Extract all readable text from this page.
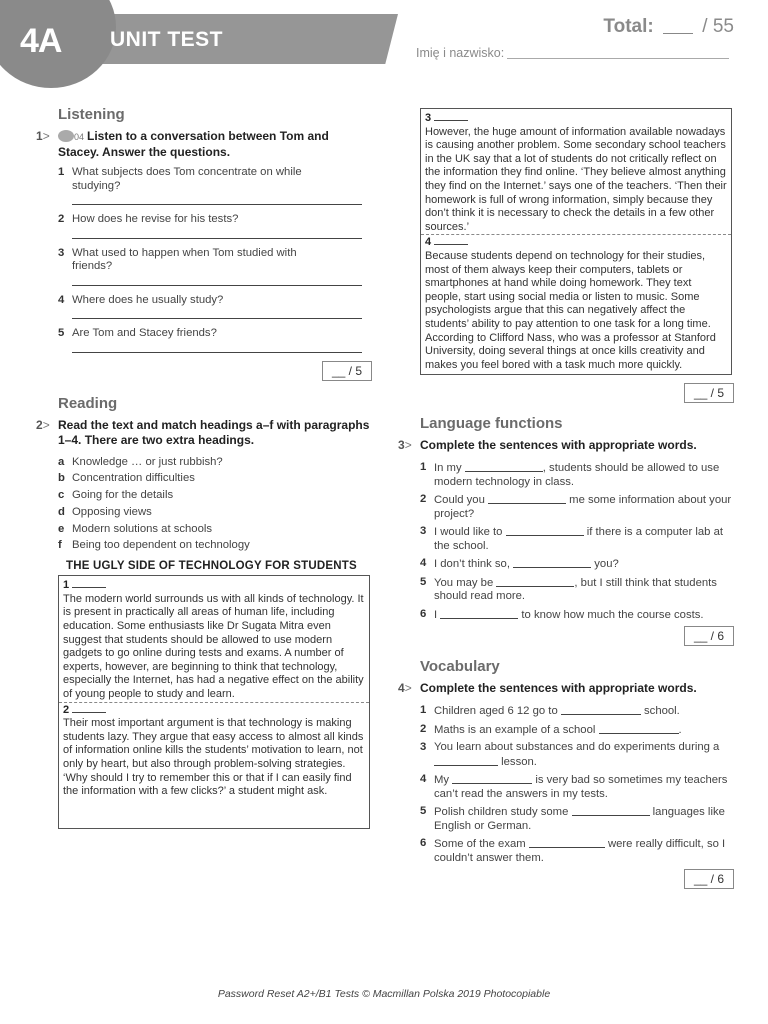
4A UNIT TEST
Total:	/ 55
Imię i nazwisko:
Listening
1>	04 Listen to a conversation between Tom and Stacey. Answer the questions.
1 What subjects does Tom concentrate on while studying?
2 How does he revise for his tests?
3 What used to happen when Tom studied with friends?
4 Where does he usually study?
5 Are Tom and Stacey friends?
__ / 5
Reading
2> Read the text and match headings a–f with paragraphs 1–4. There are two extra headings.
a Knowledge … or just rubbish?
b Concentration difficulties
c Going for the details
d Opposing views
e Modern solutions at schools
f Being too dependent on technology
THE UGLY SIDE OF TECHNOLOGY FOR STUDENTS
1
The modern world surrounds us with all kinds of technology. It is present in practically all areas of human life, including education. Some enthusiasts like Dr Sugata Mitra even suggest that students should be allowed to use modern gadgets to go online during tests and exams. A number of experts, however, are beginning to think that technology, especially the Internet, has had a negative effect on the ability of young people to study and learn.
2
Their most important argument is that technology is making students lazy. They argue that easy access to almost all kinds of information online kills the students’ motivation to learn, not only by heart, but also through problem-solving strategies. ‘Why should I try to remember this or that if I can easily find the information with a few clicks?’ a student might ask.
3
However, the huge amount of information available nowadays is causing another problem. Some secondary school teachers in the UK say that a lot of students do not critically reflect on the information they find online. ‘They believe almost anything they find on the Internet.’ says one of the teachers. ‘Then their homework is full of wrong information, simply because they don’t think it is necessary to check the details in a few other sources.’
4
Because students depend on technology for their studies, most of them always keep their computers, tablets or smartphones at hand while doing homework. They text people, start using social media or listen to music. Some psychologists argue that this can negatively affect the students’ ability to pay attention to one task for a long time. According to Clifford Nass, who was a professor at Stanford University, doing several things at once kills creativity and makes you feel bored with a task much more quickly.
__ / 5
Language functions
3> Complete the sentences with appropriate words.
1 In my	, students should be allowed to use modern technology in class.
2 Could you	me some information about your project?
3 I would like to	if there is a computer lab at the school.
4 I don’t think so,	you?
5 You may be	, but I still think that students should read more.
6 I	to know how much the course costs.
__ / 6
Vocabulary
4> Complete the sentences with appropriate words.
1 Children aged 6 12 go to	school.
2 Maths is an example of a school	.
3 You learn about substances and do experiments during a  lesson.
4 My	is very bad so sometimes my teachers can’t read the answers in my tests.
5 Polish children study some	languages like English or German.
6 Some of the exam	were really difficult, so I couldn’t answer them.
__ / 6
Password Reset A2+/B1 Tests © Macmillan Polska 2019 Photocopiable
